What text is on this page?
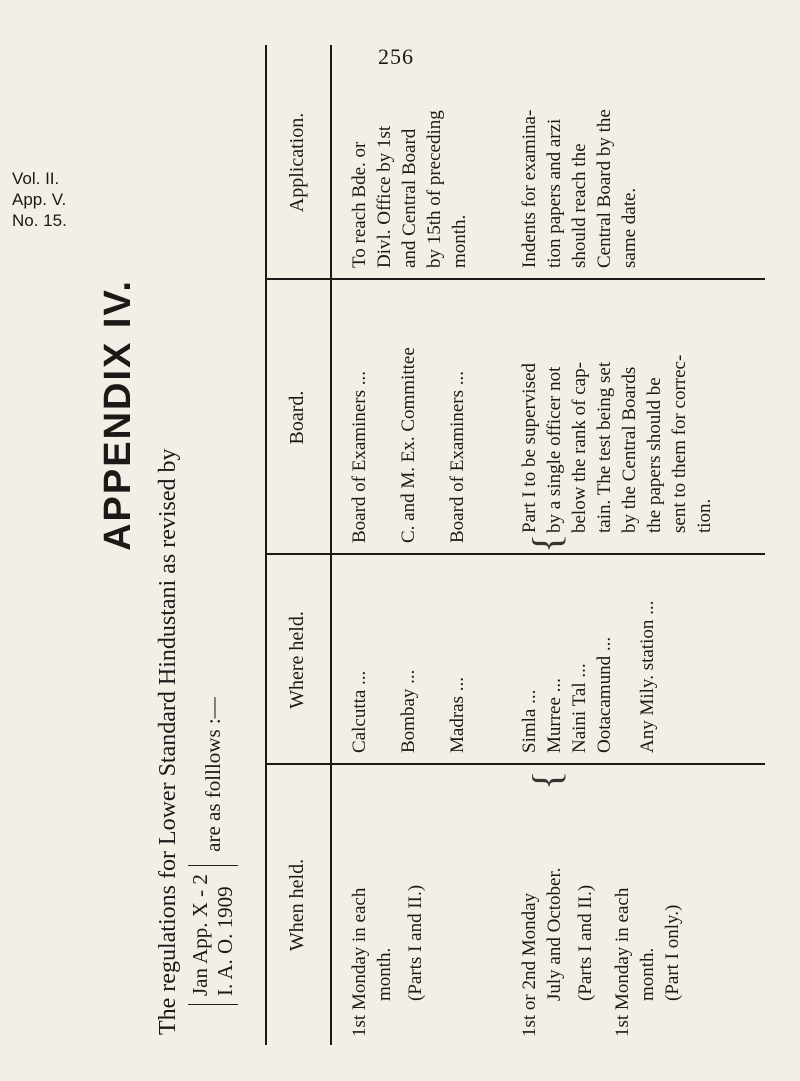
256
Vol. II.
App. V.
No. 15.
APPENDIX IV.
The regulations for Lower Standard Hindustani as revised by Jan App. X - 2 I. A. O. 1909
are as folllows :—
When held.
Where held.
Board.
Application.
1st Monday in each month. (Parts I and II.)
Calcutta ... Bombay ... Madras ...
Board of Examiners ... C. and M. Ex. Committee Board of Examiners ...
To reach Bde. or Divl. Office by 1st and Central Board by 15th of preceding month.
1st or 2nd Monday July and October. (Parts I and II.) 1st Monday in each month. (Part I only.)
{
Simla ... Murree ... Naini Tal ... Ootacamund ... Any Mily. station ...
{
Part I to be supervised by a single officer not below the rank of cap- tain. The test being set by the Central Boards the papers should be sent to them for correc- tion.
Indents for examina- tion papers and arzi should reach the Central Board by the same date.
